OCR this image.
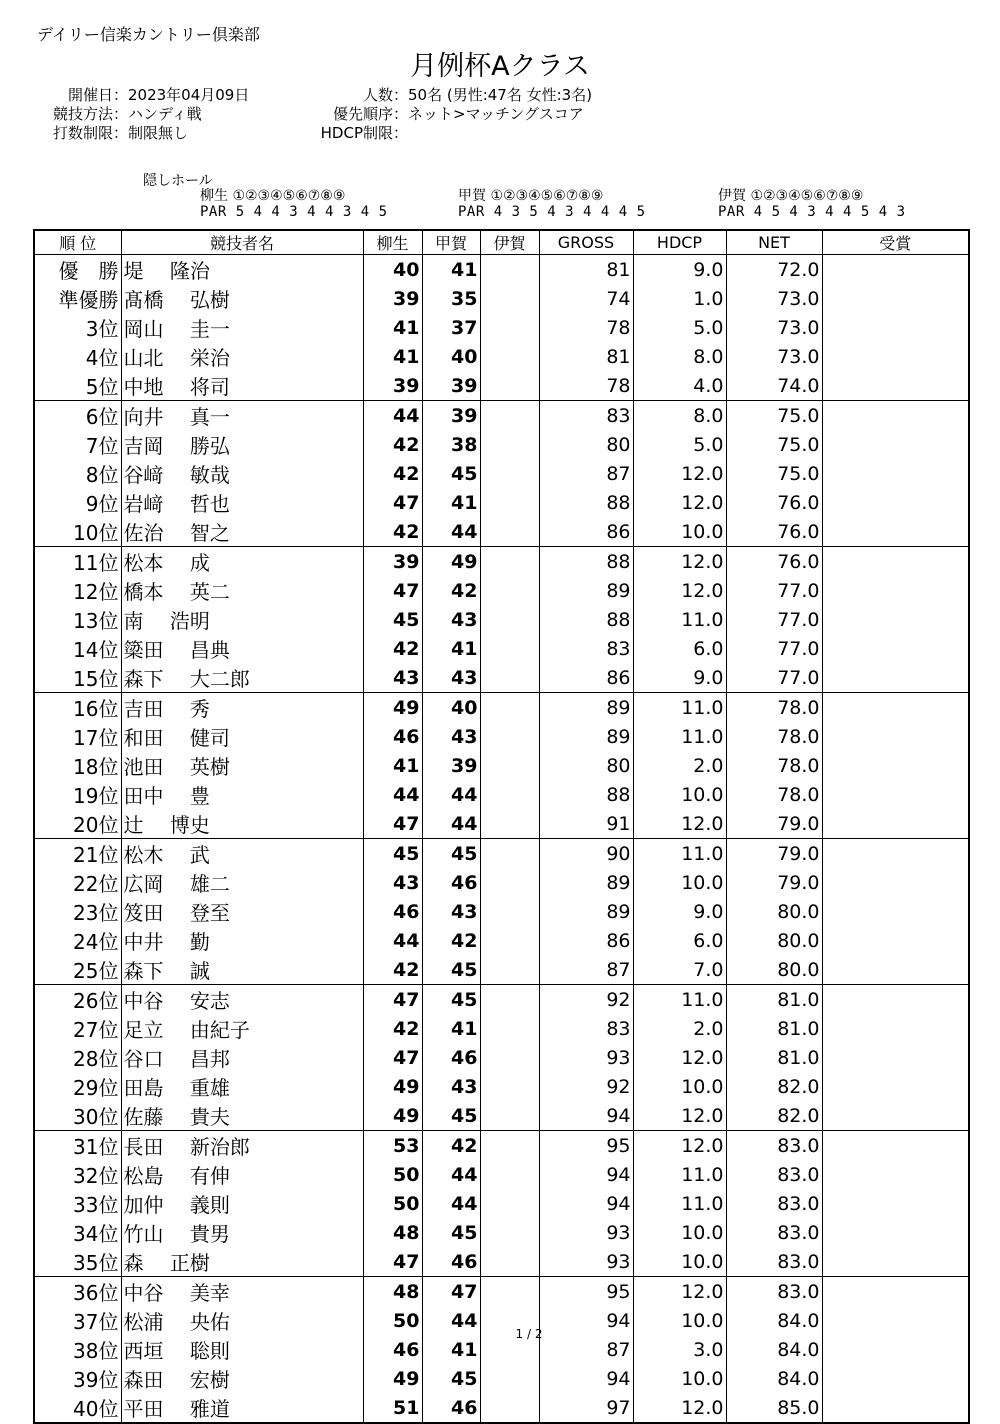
デイリー信楽カントリー倶楽部
月例杯Aクラス
開催日：2023年04月09日
競技方法：ハンディ戦
打数制限：制限無し
人数：50名 (男性:47名 女性:3名)
優先順序：ネット>マッチングスコア
HDCP制限：
隠しホール
柳生 ①②③④⑤⑥⑦⑧⑨
PAR 5 4 4 3 4 4 3 4 5
甲賀 ①②③④⑤⑥⑦⑧⑨
PAR 4 3 5 4 3 4 4 4 5
伊賀 ①②③④⑤⑥⑦⑧⑨
PAR 4 5 4 3 4 4 5 4 3
順 位	競技者名	柳生	甲賀	伊賀	GROSS	HDCP	NET	受賞
優　勝	堤　 隆治	40	41		81	9.0	72.0	
準優勝	髙橋　 弘樹	39	35		74	1.0	73.0	
3位	岡山　 圭一	41	37		78	5.0	73.0	
4位	山北　 栄治	41	40		81	8.0	73.0	
5位	中地　 将司	39	39		78	4.0	74.0	
6位	向井　 真一	44	39		83	8.0	75.0	
7位	吉岡　 勝弘	42	38		80	5.0	75.0	
8位	谷﨑　 敏哉	42	45		87	12.0	75.0	
9位	岩﨑　 哲也	47	41		88	12.0	76.0	
10位	佐治　 智之	42	44		86	10.0	76.0	
11位	松本　 成	39	49		88	12.0	76.0	
12位	橋本　 英二	47	42		89	12.0	77.0	
13位	南　 浩明	45	43		88	11.0	77.0	
14位	簗田　 昌典	42	41		83	6.0	77.0	
15位	森下　 大二郎	43	43		86	9.0	77.0	
16位	吉田　 秀	49	40		89	11.0	78.0	
17位	和田　 健司	46	43		89	11.0	78.0	
18位	池田　 英樹	41	39		80	2.0	78.0	
19位	田中　 豊	44	44		88	10.0	78.0	
20位	辻　 博史	47	44		91	12.0	79.0	
21位	松木　 武	45	45		90	11.0	79.0	
22位	広岡　 雄二	43	46		89	10.0	79.0	
23位	笈田　 登至	46	43		89	9.0	80.0	
24位	中井　 勤	44	42		86	6.0	80.0	
25位	森下　 誠	42	45		87	7.0	80.0	
26位	中谷　 安志	47	45		92	11.0	81.0	
27位	足立　 由紀子	42	41		83	2.0	81.0	
28位	谷口　 昌邦	47	46		93	12.0	81.0	
29位	田島　 重雄	49	43		92	10.0	82.0	
30位	佐藤　 貴夫	49	45		94	12.0	82.0	
31位	長田　 新治郎	53	42		95	12.0	83.0	
32位	松島　 有伸	50	44		94	11.0	83.0	
33位	加仲　 義則	50	44		94	11.0	83.0	
34位	竹山　 貴男	48	45		93	10.0	83.0	
35位	森　 正樹	47	46		93	10.0	83.0	
36位	中谷　 美幸	48	47		95	12.0	83.0	
37位	松浦　 央佑	50	44		94	10.0	84.0	
38位	西垣　 聡則	46	41		87	3.0	84.0	
39位	森田　 宏樹	49	45		94	10.0	84.0	
40位	平田　 雅道	51	46		97	12.0	85.0	
1 / 2
